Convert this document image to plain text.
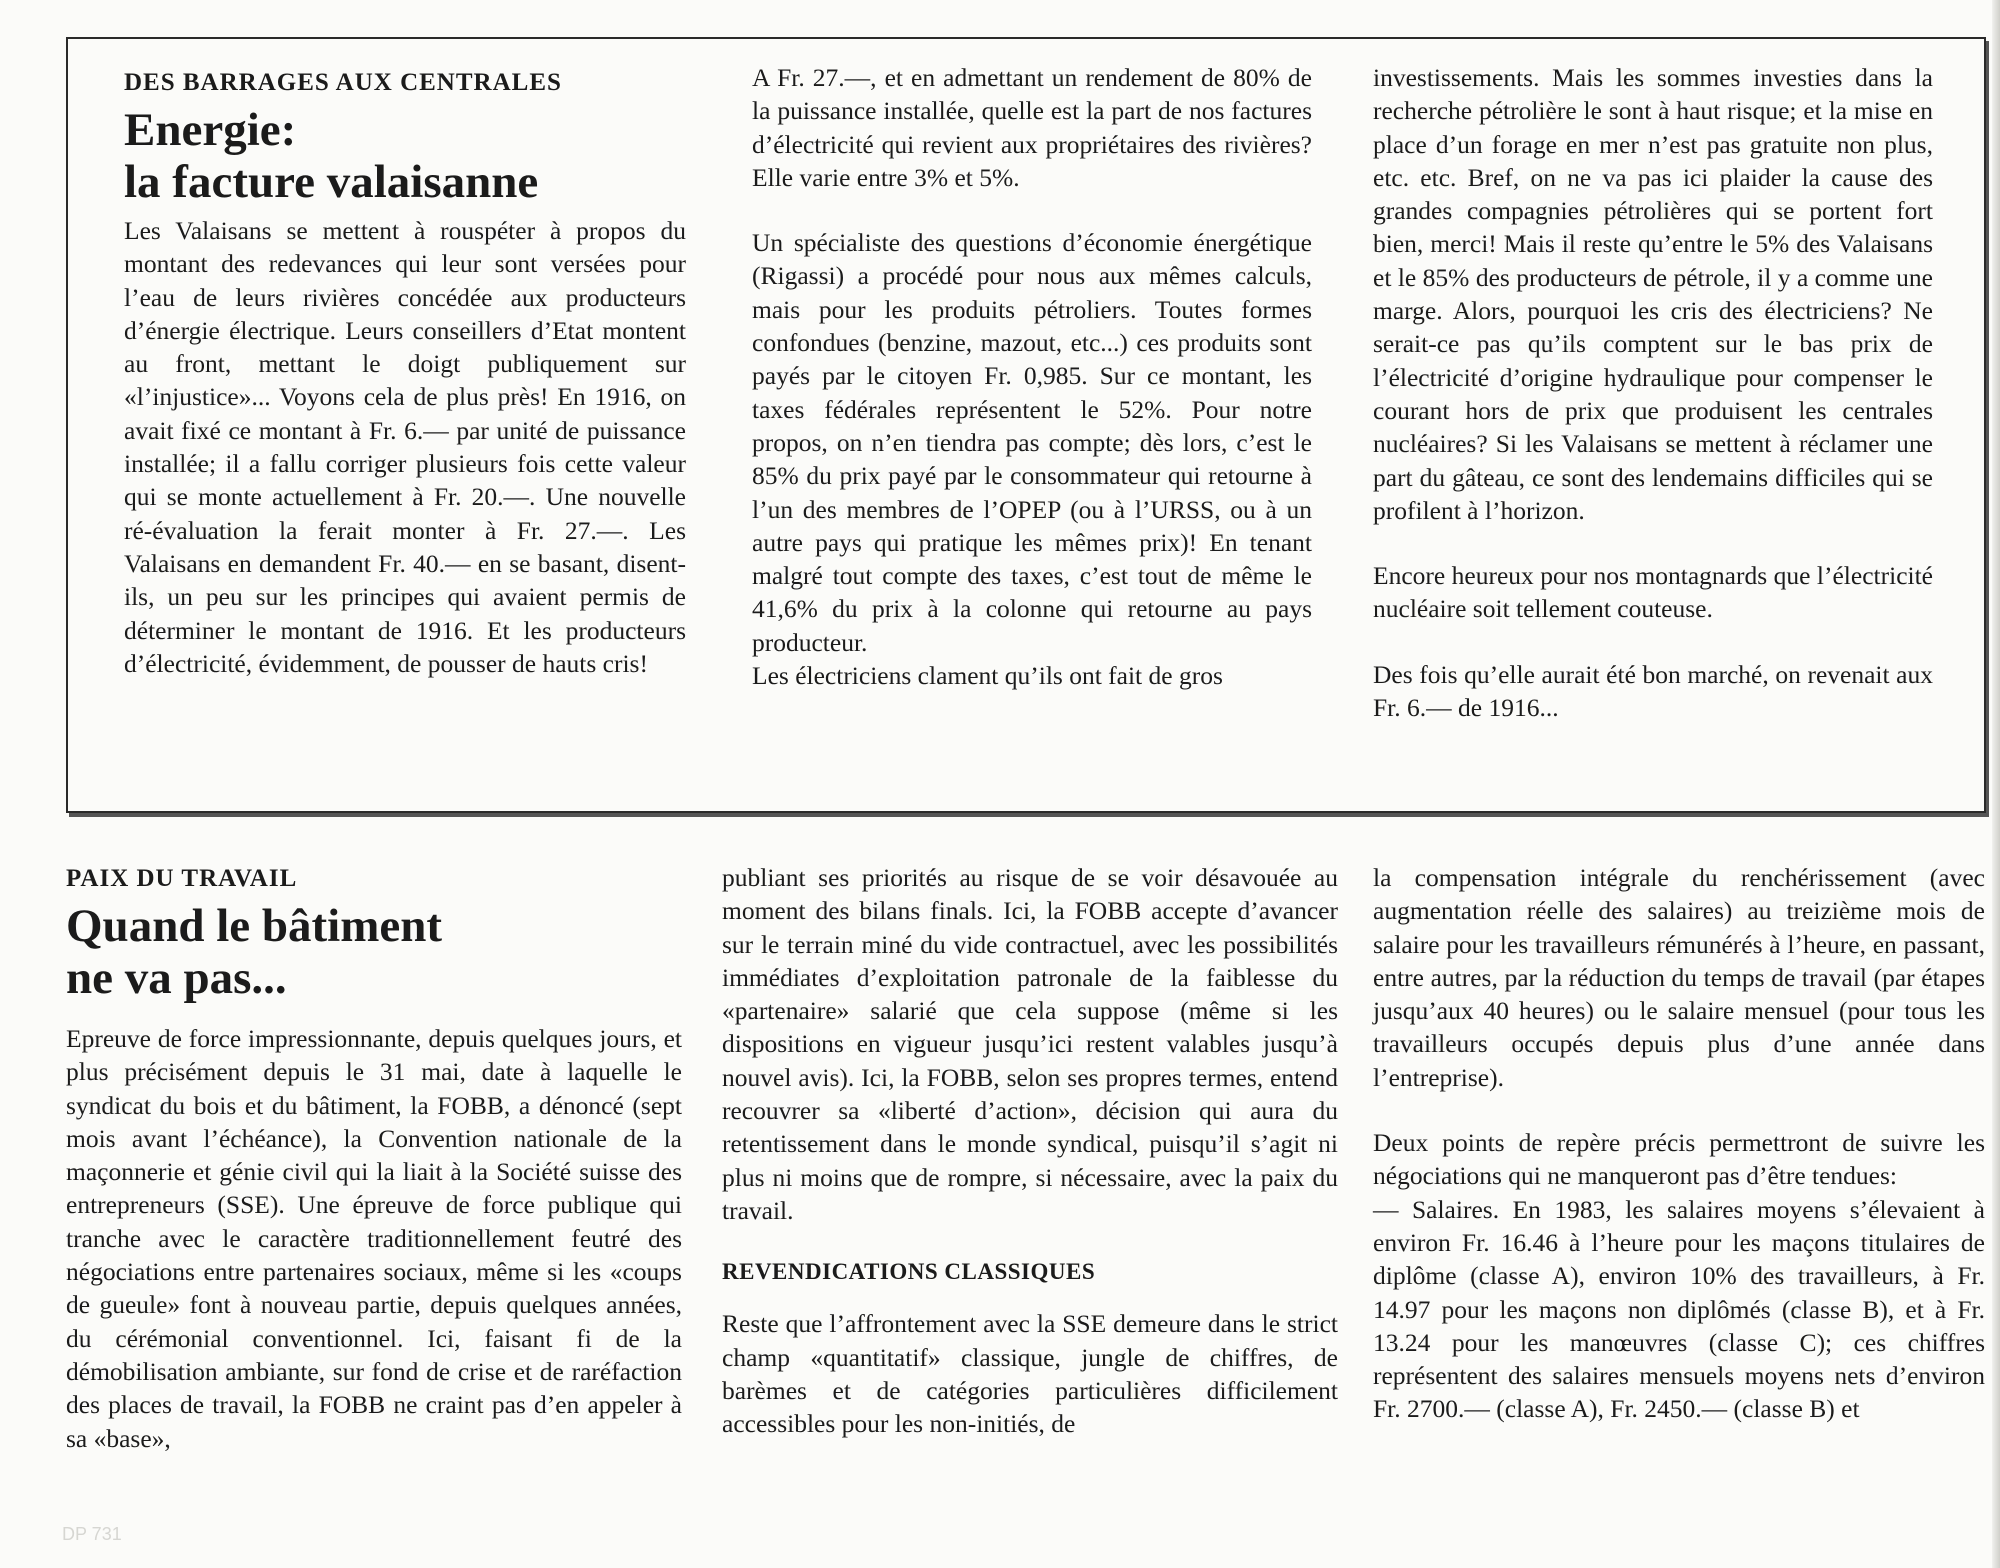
DES BARRAGES AUX CENTRALES

Energie:
la facture valaisanne

Les Valaisans se mettent à rouspéter à propos du montant des redevances qui leur sont versées pour l’eau de leurs rivières concédée aux producteurs d’énergie électrique. Leurs conseillers d’Etat montent au front, mettant le doigt publiquement sur «l’injustice»... Voyons cela de plus près! En 1916, on avait fixé ce montant à Fr. 6.— par unité de puissance installée; il a fallu corriger plusieurs fois cette valeur qui se monte actuellement à Fr. 20.—. Une nouvelle ré-évaluation la ferait monter à Fr. 27.—. Les Valaisans en demandent Fr. 40.— en se basant, disent-ils, un peu sur les principes qui avaient permis de déterminer le montant de 1916. Et les producteurs d’électricité, évidemment, de pousser de hauts cris!

A Fr. 27.—, et en admettant un rendement de 80% de la puissance installée, quelle est la part de nos factures d’électricité qui revient aux propriétaires des rivières? Elle varie entre 3% et 5%.

Un spécialiste des questions d’économie énergétique (Rigassi) a procédé pour nous aux mêmes calculs, mais pour les produits pétroliers. Toutes formes confondues (benzine, mazout, etc...) ces produits sont payés par le citoyen Fr. 0,985. Sur ce montant, les taxes fédérales représentent le 52%. Pour notre propos, on n’en tiendra pas compte; dès lors, c’est le 85% du prix payé par le consommateur qui retourne à l’un des membres de l’OPEP (ou à l’URSS, ou à un autre pays qui pratique les mêmes prix)! En tenant malgré tout compte des taxes, c’est tout de même le 41,6% du prix à la colonne qui retourne au pays producteur.

Les électriciens clament qu’ils ont fait de gros

investissements. Mais les sommes investies dans la recherche pétrolière le sont à haut risque; et la mise en place d’un forage en mer n’est pas gratuite non plus, etc. etc. Bref, on ne va pas ici plaider la cause des grandes compagnies pétrolières qui se portent fort bien, merci! Mais il reste qu’entre le 5% des Valaisans et le 85% des producteurs de pétrole, il y a comme une marge. Alors, pourquoi les cris des électriciens? Ne serait-ce pas qu’ils comptent sur le bas prix de l’électricité d’origine hydraulique pour compenser le courant hors de prix que produisent les centrales nucléaires? Si les Valaisans se mettent à réclamer une part du gâteau, ce sont des lendemains difficiles qui se profilent à l’horizon.

Encore heureux pour nos montagnards que l’électricité nucléaire soit tellement couteuse.

Des fois qu’elle aurait été bon marché, on revenait aux Fr. 6.— de 1916...

PAIX DU TRAVAIL

Quand le bâtiment
ne va pas...

Epreuve de force impressionnante, depuis quelques jours, et plus précisément depuis le 31 mai, date à laquelle le syndicat du bois et du bâtiment, la FOBB, a dénoncé (sept mois avant l’échéance), la Convention nationale de la maçonnerie et génie civil qui la liait à la Société suisse des entrepreneurs (SSE). Une épreuve de force publique qui tranche avec le caractère traditionnellement feutré des négociations entre partenaires sociaux, même si les «coups de gueule» font à nouveau partie, depuis quelques années, du cérémonial conventionnel. Ici, faisant fi de la démobilisation ambiante, sur fond de crise et de raréfaction des places de travail, la FOBB ne craint pas d’en appeler à sa «base»,

publiant ses priorités au risque de se voir désavouée au moment des bilans finals. Ici, la FOBB accepte d’avancer sur le terrain miné du vide contractuel, avec les possibilités immédiates d’exploitation patronale de la faiblesse du «partenaire» salarié que cela suppose (même si les dispositions en vigueur jusqu’ici restent valables jusqu’à nouvel avis). Ici, la FOBB, selon ses propres termes, entend recouvrer sa «liberté d’action», décision qui aura du retentissement dans le monde syndical, puisqu’il s’agit ni plus ni moins que de rompre, si nécessaire, avec la paix du travail.

REVENDICATIONS CLASSIQUES

Reste que l’affrontement avec la SSE demeure dans le strict champ «quantitatif» classique, jungle de chiffres, de barèmes et de catégories particulières difficilement accessibles pour les non-initiés, de

la compensation intégrale du renchérissement (avec augmentation réelle des salaires) au treizième mois de salaire pour les travailleurs rémunérés à l’heure, en passant, entre autres, par la réduction du temps de travail (par étapes jusqu’aux 40 heures) ou le salaire mensuel (pour tous les travailleurs occupés depuis plus d’une année dans l’entreprise).

Deux points de repère précis permettront de suivre les négociations qui ne manqueront pas d’être tendues:

— Salaires. En 1983, les salaires moyens s’élevaient à environ Fr. 16.46 à l’heure pour les maçons titulaires de diplôme (classe A), environ 10% des travailleurs, à Fr. 14.97 pour les maçons non diplômés (classe B), et à Fr. 13.24 pour les manœuvres (classe C); ces chiffres représentent des salaires mensuels moyens nets d’environ Fr. 2700.— (classe A), Fr. 2450.— (classe B) et

DP 731
